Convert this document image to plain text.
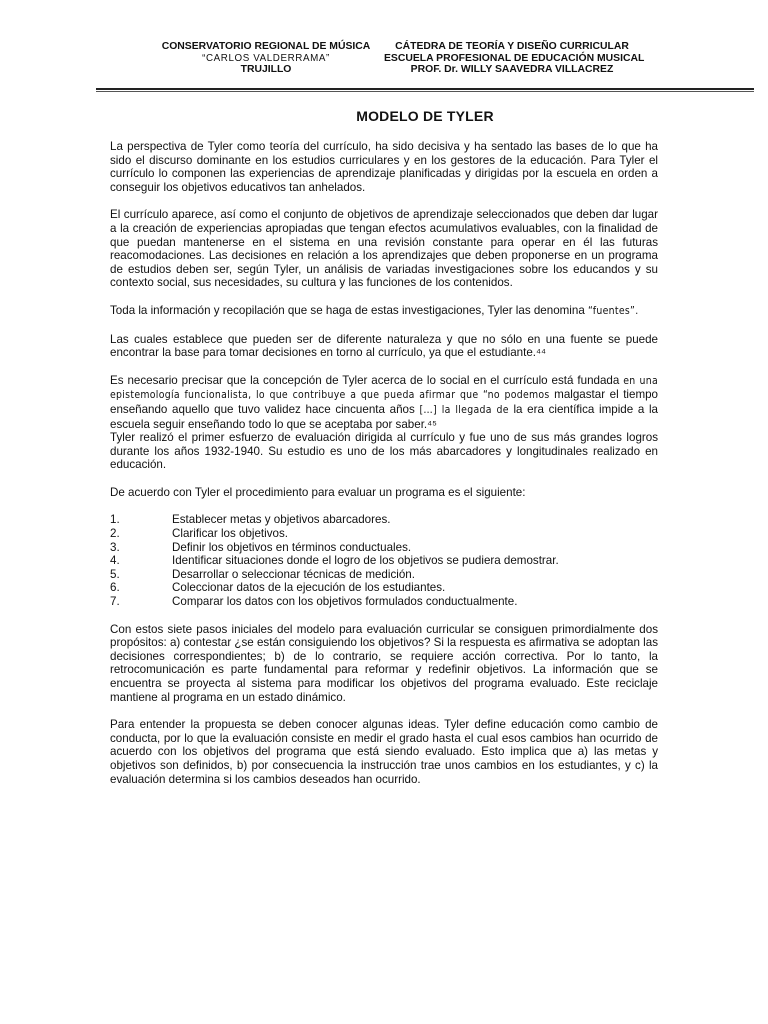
CONSERVATORIO REGIONAL DE MÚSICA
“CARLOS VALDERRAMA”
TRUJILLO
CÁTEDRA DE TEORÍA Y DISEÑO CURRICULAR
ESCUELA PROFESIONAL DE EDUCACIÓN MUSICAL
PROF. Dr. WILLY SAAVEDRA VILLACREZ
MODELO DE TYLER

La perspectiva de Tyler como teoría del currículo, ha sido decisiva y ha sentado las bases de lo que ha sido el discurso dominante en los estudios curriculares y en los gestores de la educación. Para Tyler el currículo lo componen las experiencias de aprendizaje planificadas y dirigidas por la escuela en orden a conseguir los objetivos educativos tan anhelados.

El currículo aparece, así como el conjunto de objetivos de aprendizaje seleccionados que deben dar lugar a la creación de experiencias apropiadas que tengan efectos acumulativos evaluables, con la finalidad de que puedan mantenerse en el sistema en una revisión constante para operar en él las futuras reacomodaciones. Las decisiones en relación a los aprendizajes que deben proponerse en un programa de estudios deben ser, según Tyler, un análisis de variadas investigaciones sobre los educandos y su contexto social, sus necesidades, su cultura y las funciones de los contenidos.

Toda la información y recopilación que se haga de estas investigaciones, Tyler las denomina “fuentes”.

Las cuales establece que pueden ser de diferente naturaleza y que no sólo en una fuente se puede encontrar la base para tomar decisiones en torno al currículo, ya que el estudiante.⁴⁴

Es necesario precisar que la concepción de Tyler acerca de lo social en el currículo está fundada en una epistemología funcionalista, lo que contribuye a que pueda afirmar que “no podemos malgastar el tiempo enseñando aquello que tuvo validez hace cincuenta años […] la llegada de la era científica impide a la escuela seguir enseñando todo lo que se aceptaba por saber.⁴⁵
Tyler realizó el primer esfuerzo de evaluación dirigida al currículo y fue uno de sus más grandes logros durante los años 1932-1940. Su estudio es uno de los más abarcadores y longitudinales realizado en educación.

De acuerdo con Tyler el procedimiento para evaluar un programa es el siguiente:

1.	Establecer metas y objetivos abarcadores.
2.	Clarificar los objetivos.
3.	Definir los objetivos en términos conductuales.
4.	Identificar situaciones donde el logro de los objetivos se pudiera demostrar.
5.	Desarrollar o seleccionar técnicas de medición.
6.	Coleccionar datos de la ejecución de los estudiantes.
7.	Comparar los datos con los objetivos formulados conductualmente.

Con estos siete pasos iniciales del modelo para evaluación curricular se consiguen primordialmente dos propósitos: a) contestar ¿se están consiguiendo los objetivos? Si la respuesta es afirmativa se adoptan las decisiones correspondientes; b) de lo contrario, se requiere acción correctiva. Por lo tanto, la retrocomunicación es parte fundamental para reformar y redefinir objetivos. La información que se encuentra se proyecta al sistema para modificar los objetivos del programa evaluado. Este reciclaje mantiene al programa en un estado dinámico.

Para entender la propuesta se deben conocer algunas ideas. Tyler define educación como cambio de conducta, por lo que la evaluación consiste en medir el grado hasta el cual esos cambios han ocurrido de acuerdo con los objetivos del programa que está siendo evaluado. Esto implica que a) las metas y objetivos son definidos, b) por consecuencia la instrucción trae unos cambios en los estudiantes, y c) la evaluación determina si los cambios deseados han ocurrido.
